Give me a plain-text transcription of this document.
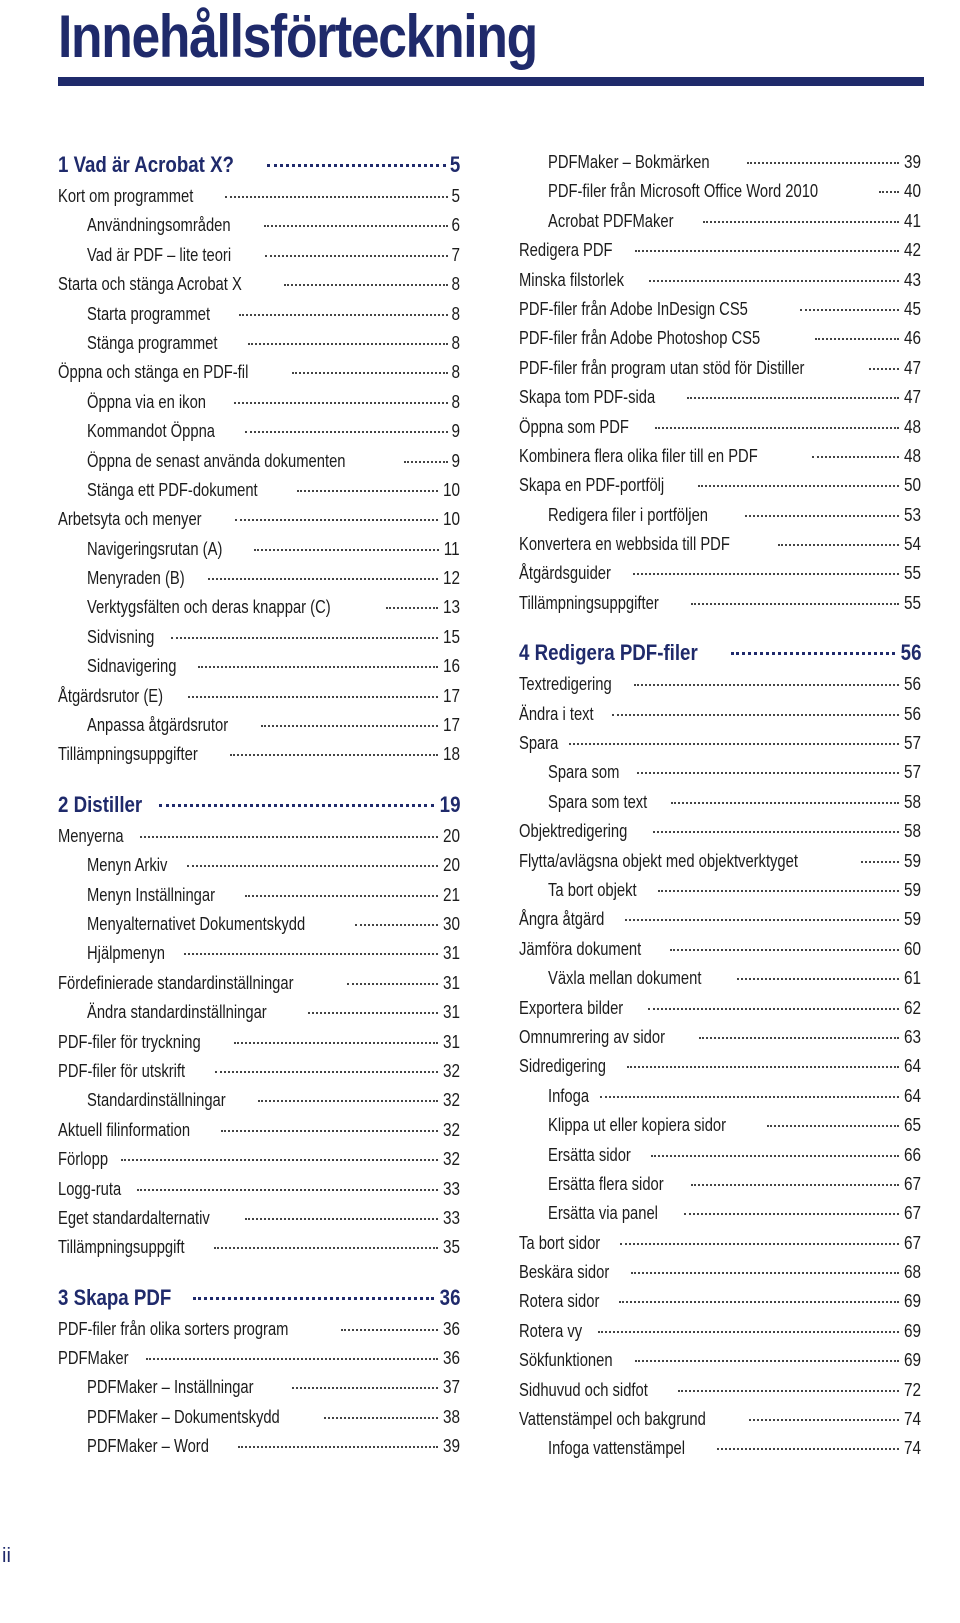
Innehållsförteckning
1 Vad är Acrobat X?	5
Kort om programmet	5
Användningsområden	6
Vad är PDF – lite teori	7
Starta och stänga Acrobat X	8
Starta programmet	8
Stänga programmet	8
Öppna och stänga en PDF-fil	8
Öppna via en ikon	8
Kommandot Öppna	9
Öppna de senast använda dokumenten	9
Stänga ett PDF-dokument	10
Arbetsyta och menyer	10
Navigeringsrutan (A)	11
Menyraden (B)	12
Verktygsfälten och deras knappar (C)	13
Sidvisning	15
Sidnavigering	16
Åtgärdsrutor (E)	17
Anpassa åtgärdsrutor	17
Tillämpningsuppgifter	18
2 Distiller	19
Menyerna	20
Menyn Arkiv	20
Menyn Inställningar	21
Menyalternativet Dokumentskydd	30
Hjälpmenyn	31
Fördefinierade standardinställningar	31
Ändra standardinställningar	31
PDF-filer för tryckning	31
PDF-filer för utskrift	32
Standardinställningar	32
Aktuell filinformation	32
Förlopp	32
Logg-ruta	33
Eget standardalternativ	33
Tillämpningsuppgift	35
3 Skapa PDF	36
PDF-filer från olika sorters program	36
PDFMaker	36
PDFMaker – Inställningar	37
PDFMaker – Dokumentskydd	38
PDFMaker – Word	39
PDFMaker – Bokmärken	39
PDF-filer från Microsoft Office Word 2010	40
Acrobat PDFMaker	41
Redigera PDF	42
Minska filstorlek	43
PDF-filer från Adobe InDesign CS5	45
PDF-filer från Adobe Photoshop CS5	46
PDF-filer från program utan stöd för Distiller	47
Skapa tom PDF-sida	47
Öppna som PDF	48
Kombinera flera olika filer till en PDF	48
Skapa en PDF-portfölj	50
Redigera filer i portföljen	53
Konvertera en webbsida till PDF	54
Åtgärdsguider	55
Tillämpningsuppgifter	55
4 Redigera PDF-filer	56
Textredigering	56
Ändra i text	56
Spara	57
Spara som	57
Spara som text	58
Objektredigering	58
Flytta/avlägsna objekt med objektverktyget	59
Ta bort objekt	59
Ångra åtgärd	59
Jämföra dokument	60
Växla mellan dokument	61
Exportera bilder	62
Omnumrering av sidor	63
Sidredigering	64
Infoga	64
Klippa ut eller kopiera sidor	65
Ersätta sidor	66
Ersätta flera sidor	67
Ersätta via panel	67
Ta bort sidor	67
Beskära sidor	68
Rotera sidor	69
Rotera vy	69
Sökfunktionen	69
Sidhuvud och sidfot	72
Vattenstämpel och bakgrund	74
Infoga vattenstämpel	74
ii
